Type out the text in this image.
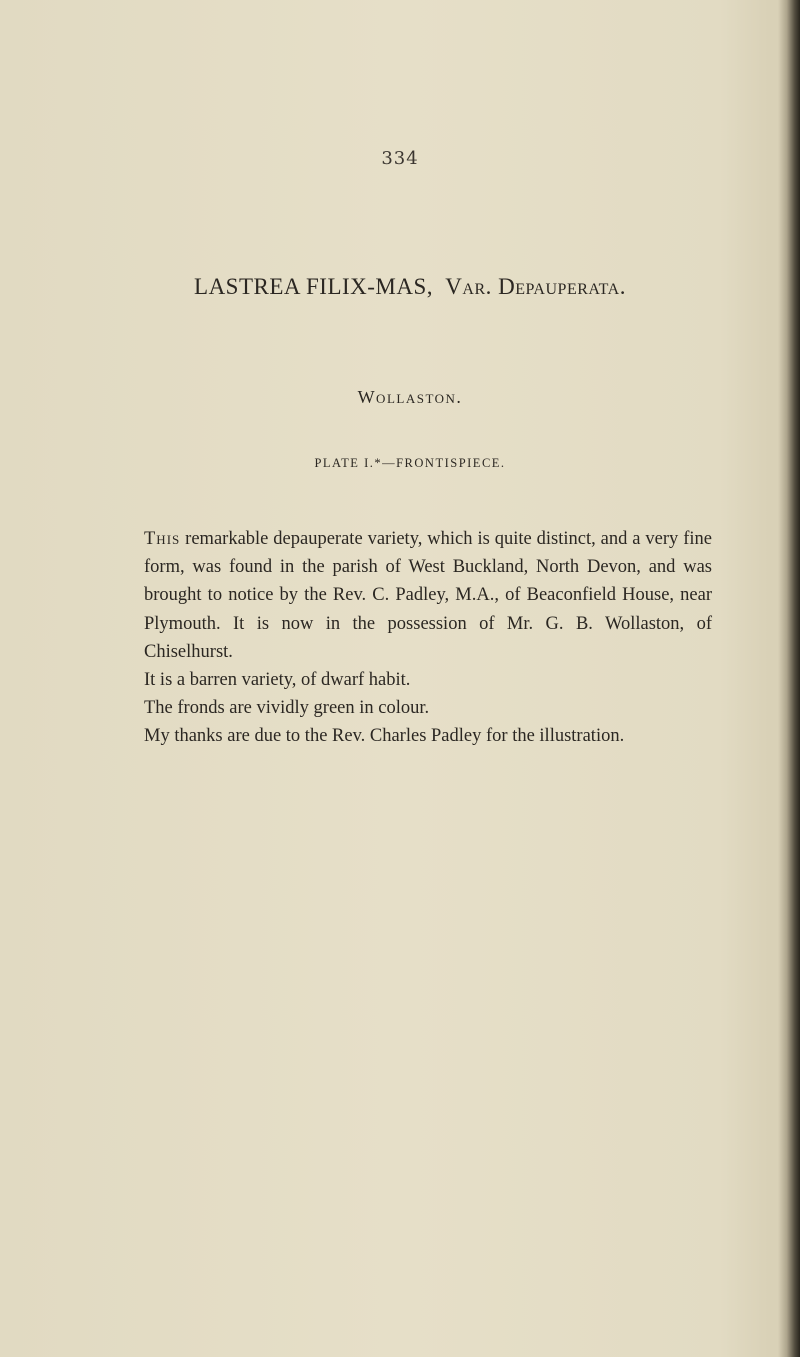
334
LASTREA FILIX-MAS, Var. Depauperata.
Wollaston.
PLATE I.*—FRONTISPIECE.

This remarkable depauperate variety, which is quite distinct, and a very fine form, was found in the parish of West Buckland, North Devon, and was brought to notice by the Rev. C. Padley, M.A., of Beaconfield House, near Plymouth. It is now in the possession of Mr. G. B. Wollaston, of Chiselhurst.

It is a barren variety, of dwarf habit.

The fronds are vividly green in colour.

My thanks are due to the Rev. Charles Padley for the illustration.
